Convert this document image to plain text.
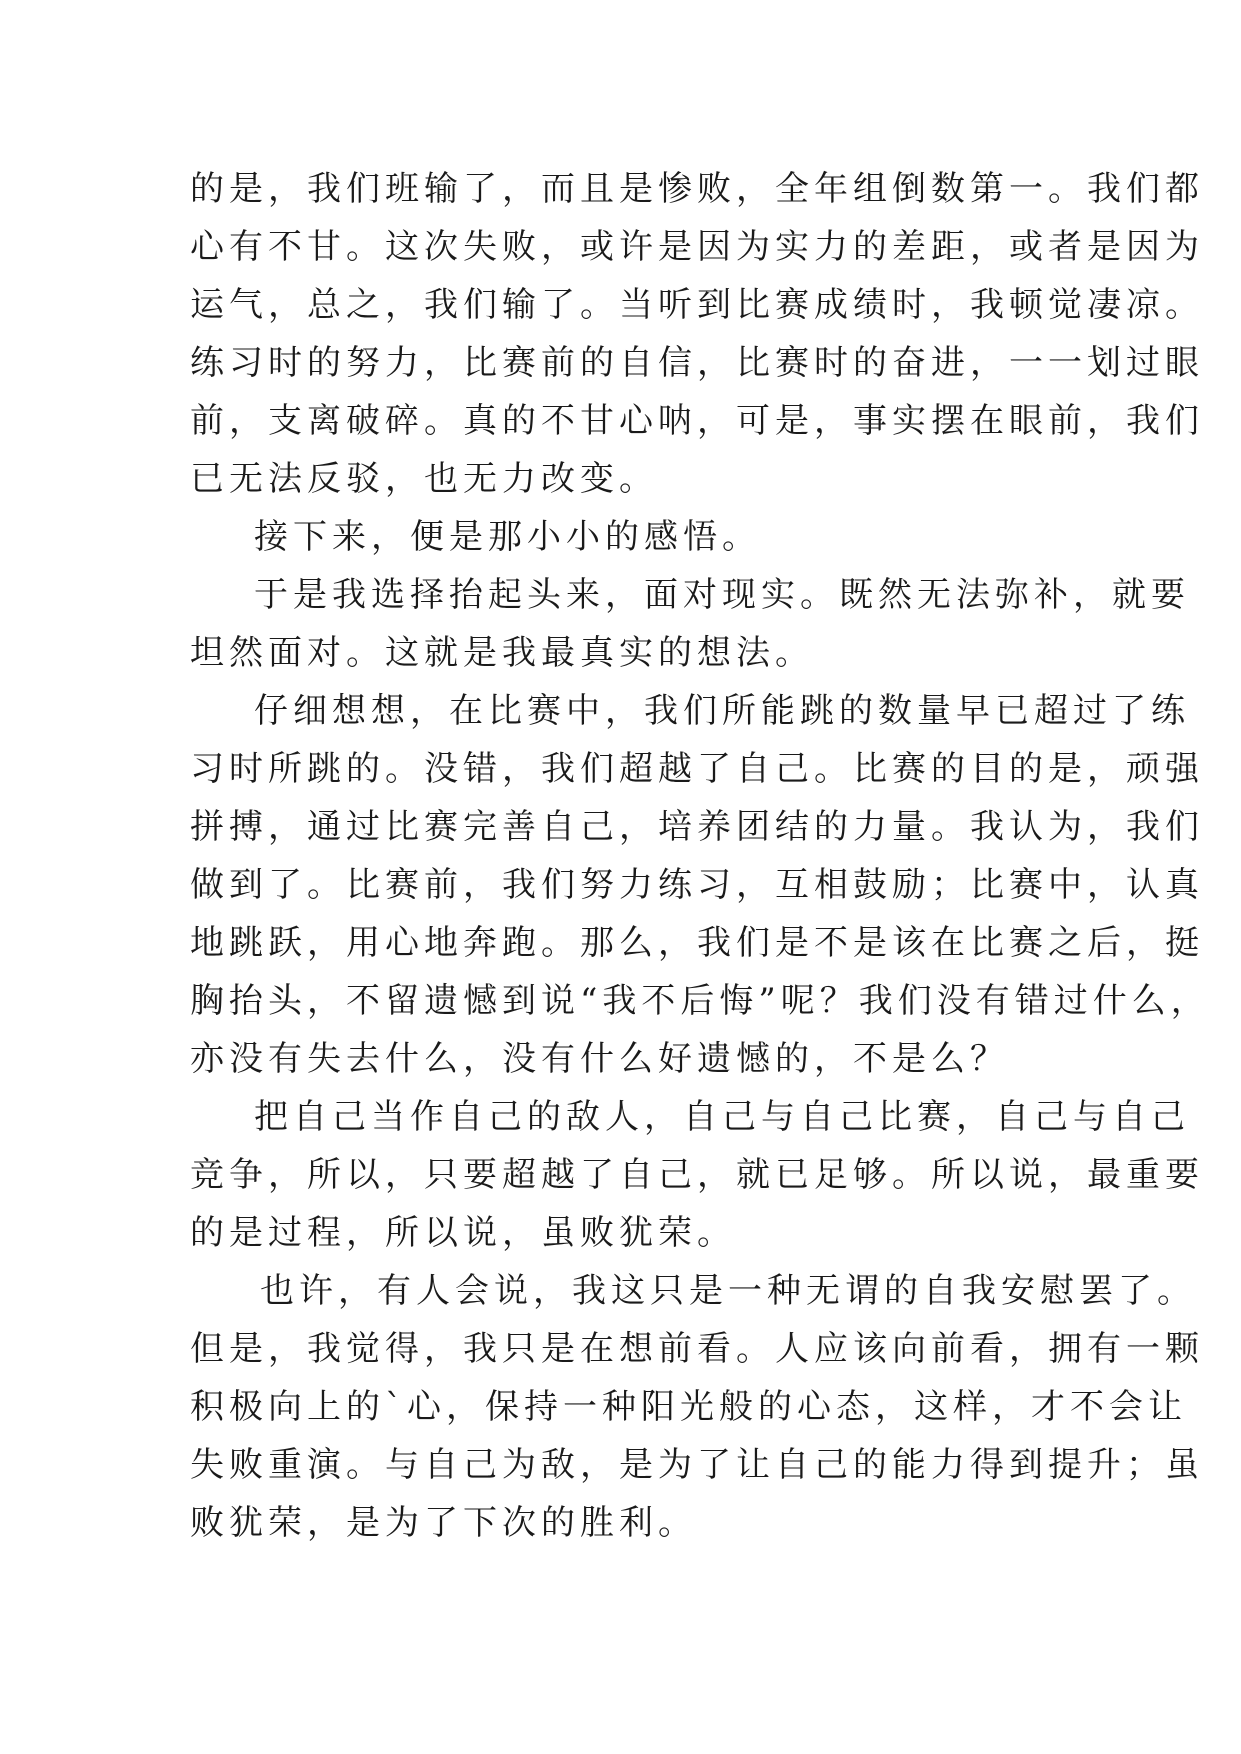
的是，我们班输了，而且是惨败，全年组倒数第一。我们都
心有不甘。这次失败，或许是因为实力的差距，或者是因为
运气，总之，我们输了。当听到比赛成绩时，我顿觉凄凉。
练习时的努力，比赛前的自信，比赛时的奋进，一一划过眼
前，支离破碎。真的不甘心呐，可是，事实摆在眼前，我们
已无法反驳，也无力改变。
接下来，便是那小小的感悟。
于是我选择抬起头来，面对现实。既然无法弥补，就要
坦然面对。这就是我最真实的想法。
仔细想想，在比赛中，我们所能跳的数量早已超过了练
习时所跳的。没错，我们超越了自己。比赛的目的是，顽强
拼搏，通过比赛完善自己，培养团结的力量。我认为，我们
做到了。比赛前，我们努力练习，互相鼓励；比赛中，认真
地跳跃，用心地奔跑。那么，我们是不是该在比赛之后，挺
胸抬头，不留遗憾到说“我不后悔”呢？我们没有错过什么，
亦没有失去什么，没有什么好遗憾的，不是么？
把自己当作自己的敌人，自己与自己比赛，自己与自己
竞争，所以，只要超越了自己，就已足够。所以说，最重要
的是过程，所以说，虽败犹荣。
也许，有人会说，我这只是一种无谓的自我安慰罢了。
但是，我觉得，我只是在想前看。人应该向前看，拥有一颗
积极向上的`心，保持一种阳光般的心态，这样，才不会让
失败重演。与自己为敌，是为了让自己的能力得到提升；虽
败犹荣，是为了下次的胜利。
